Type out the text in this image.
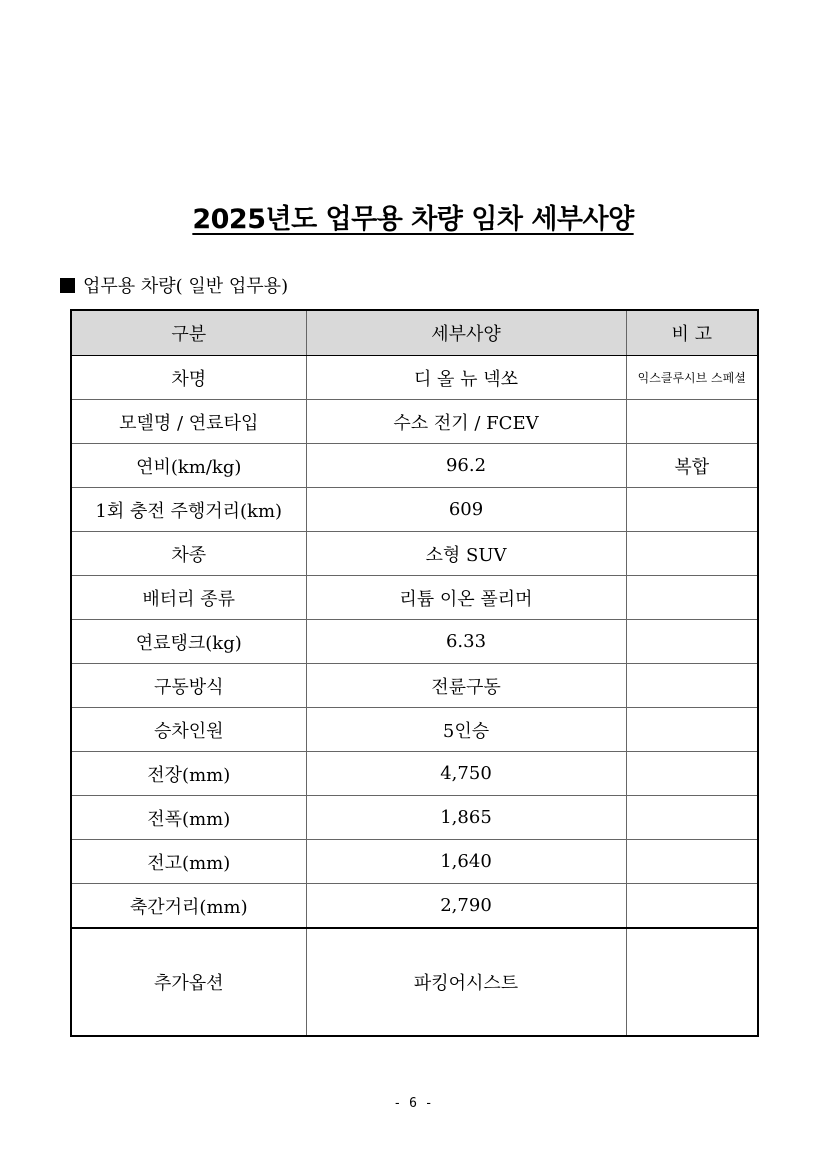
2025년도 업무용 차량 임차 세부사양
업무용 차량( 일반 업무용)
구분	세부사양	비 고
차명	디 올 뉴 넥쏘	익스클루시브 스페셜
모델명 / 연료타입	수소 전기 / FCEV	
연비(km/kg)	96.2	복합
1회 충전 주행거리(km)	609	
차종	소형 SUV	
배터리 종류	리튬 이온 폴리머	
연료탱크(kg)	6.33	
구동방식	전륜구동	
승차인원	5인승	
전장(mm)	4,750	
전폭(mm)	1,865	
전고(mm)	1,640	
축간거리(mm)	2,790	
추가옵션	파킹어시스트	
- 6 -
